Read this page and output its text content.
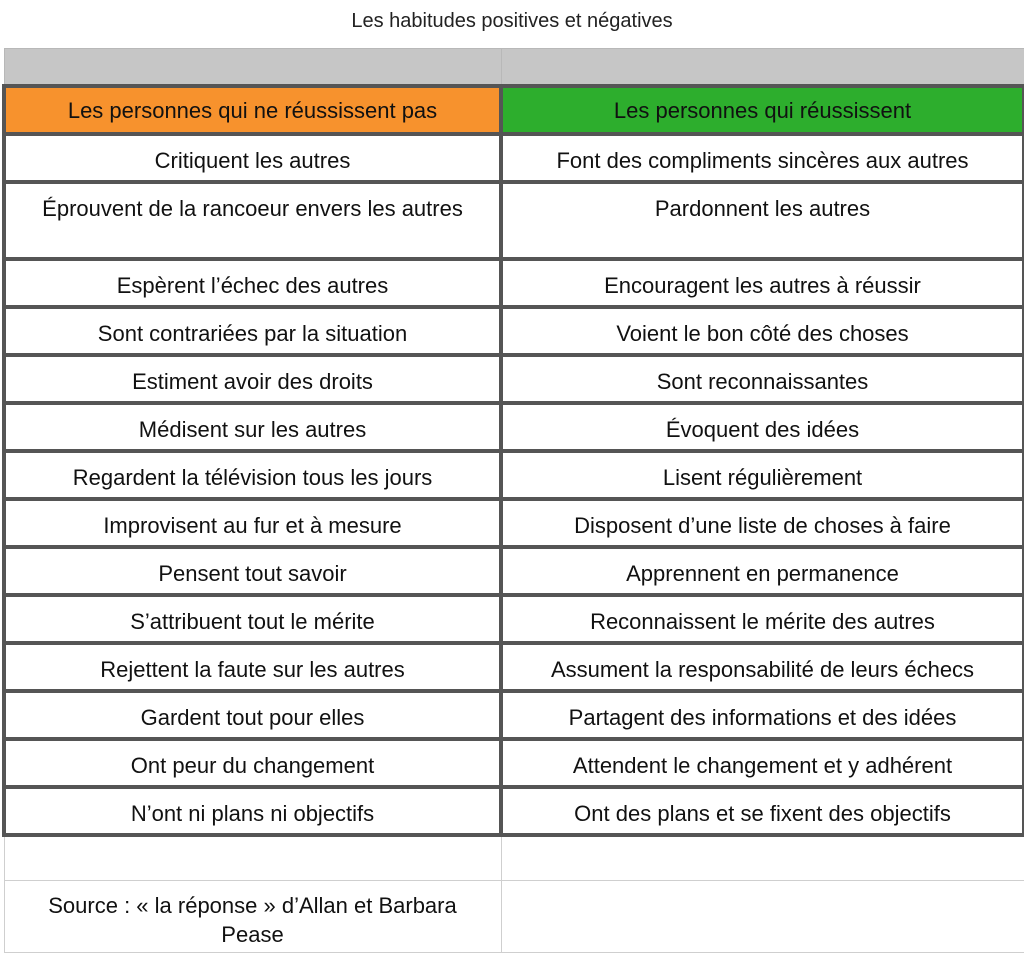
Les habitudes positives et négatives

Les personnes qui ne réussissent pas	Les personnes qui réussissent
Critiquent les autres	Font des compliments sincères aux autres
Éprouvent de la rancoeur envers les autres	Pardonnent les autres
Espèrent l’échec des autres	Encouragent les autres à réussir
Sont contrariées par la situation	Voient le bon côté des choses
Estiment avoir des droits	Sont reconnaissantes
Médisent sur les autres	Évoquent des idées
Regardent la télévision tous les jours	Lisent régulièrement
Improvisent au fur et à mesure	Disposent d’une liste de choses à faire
Pensent tout savoir	Apprennent en permanence
S’attribuent tout le mérite	Reconnaissent le mérite des autres
Rejettent la faute sur les autres	Assument la responsabilité de leurs échecs
Gardent tout pour elles	Partagent des informations et des idées
Ont peur du changement	Attendent le changement et y adhérent
N’ont ni plans ni objectifs	Ont des plans et se fixent des objectifs

Source : « la réponse » d’Allan et Barbara Pease	
